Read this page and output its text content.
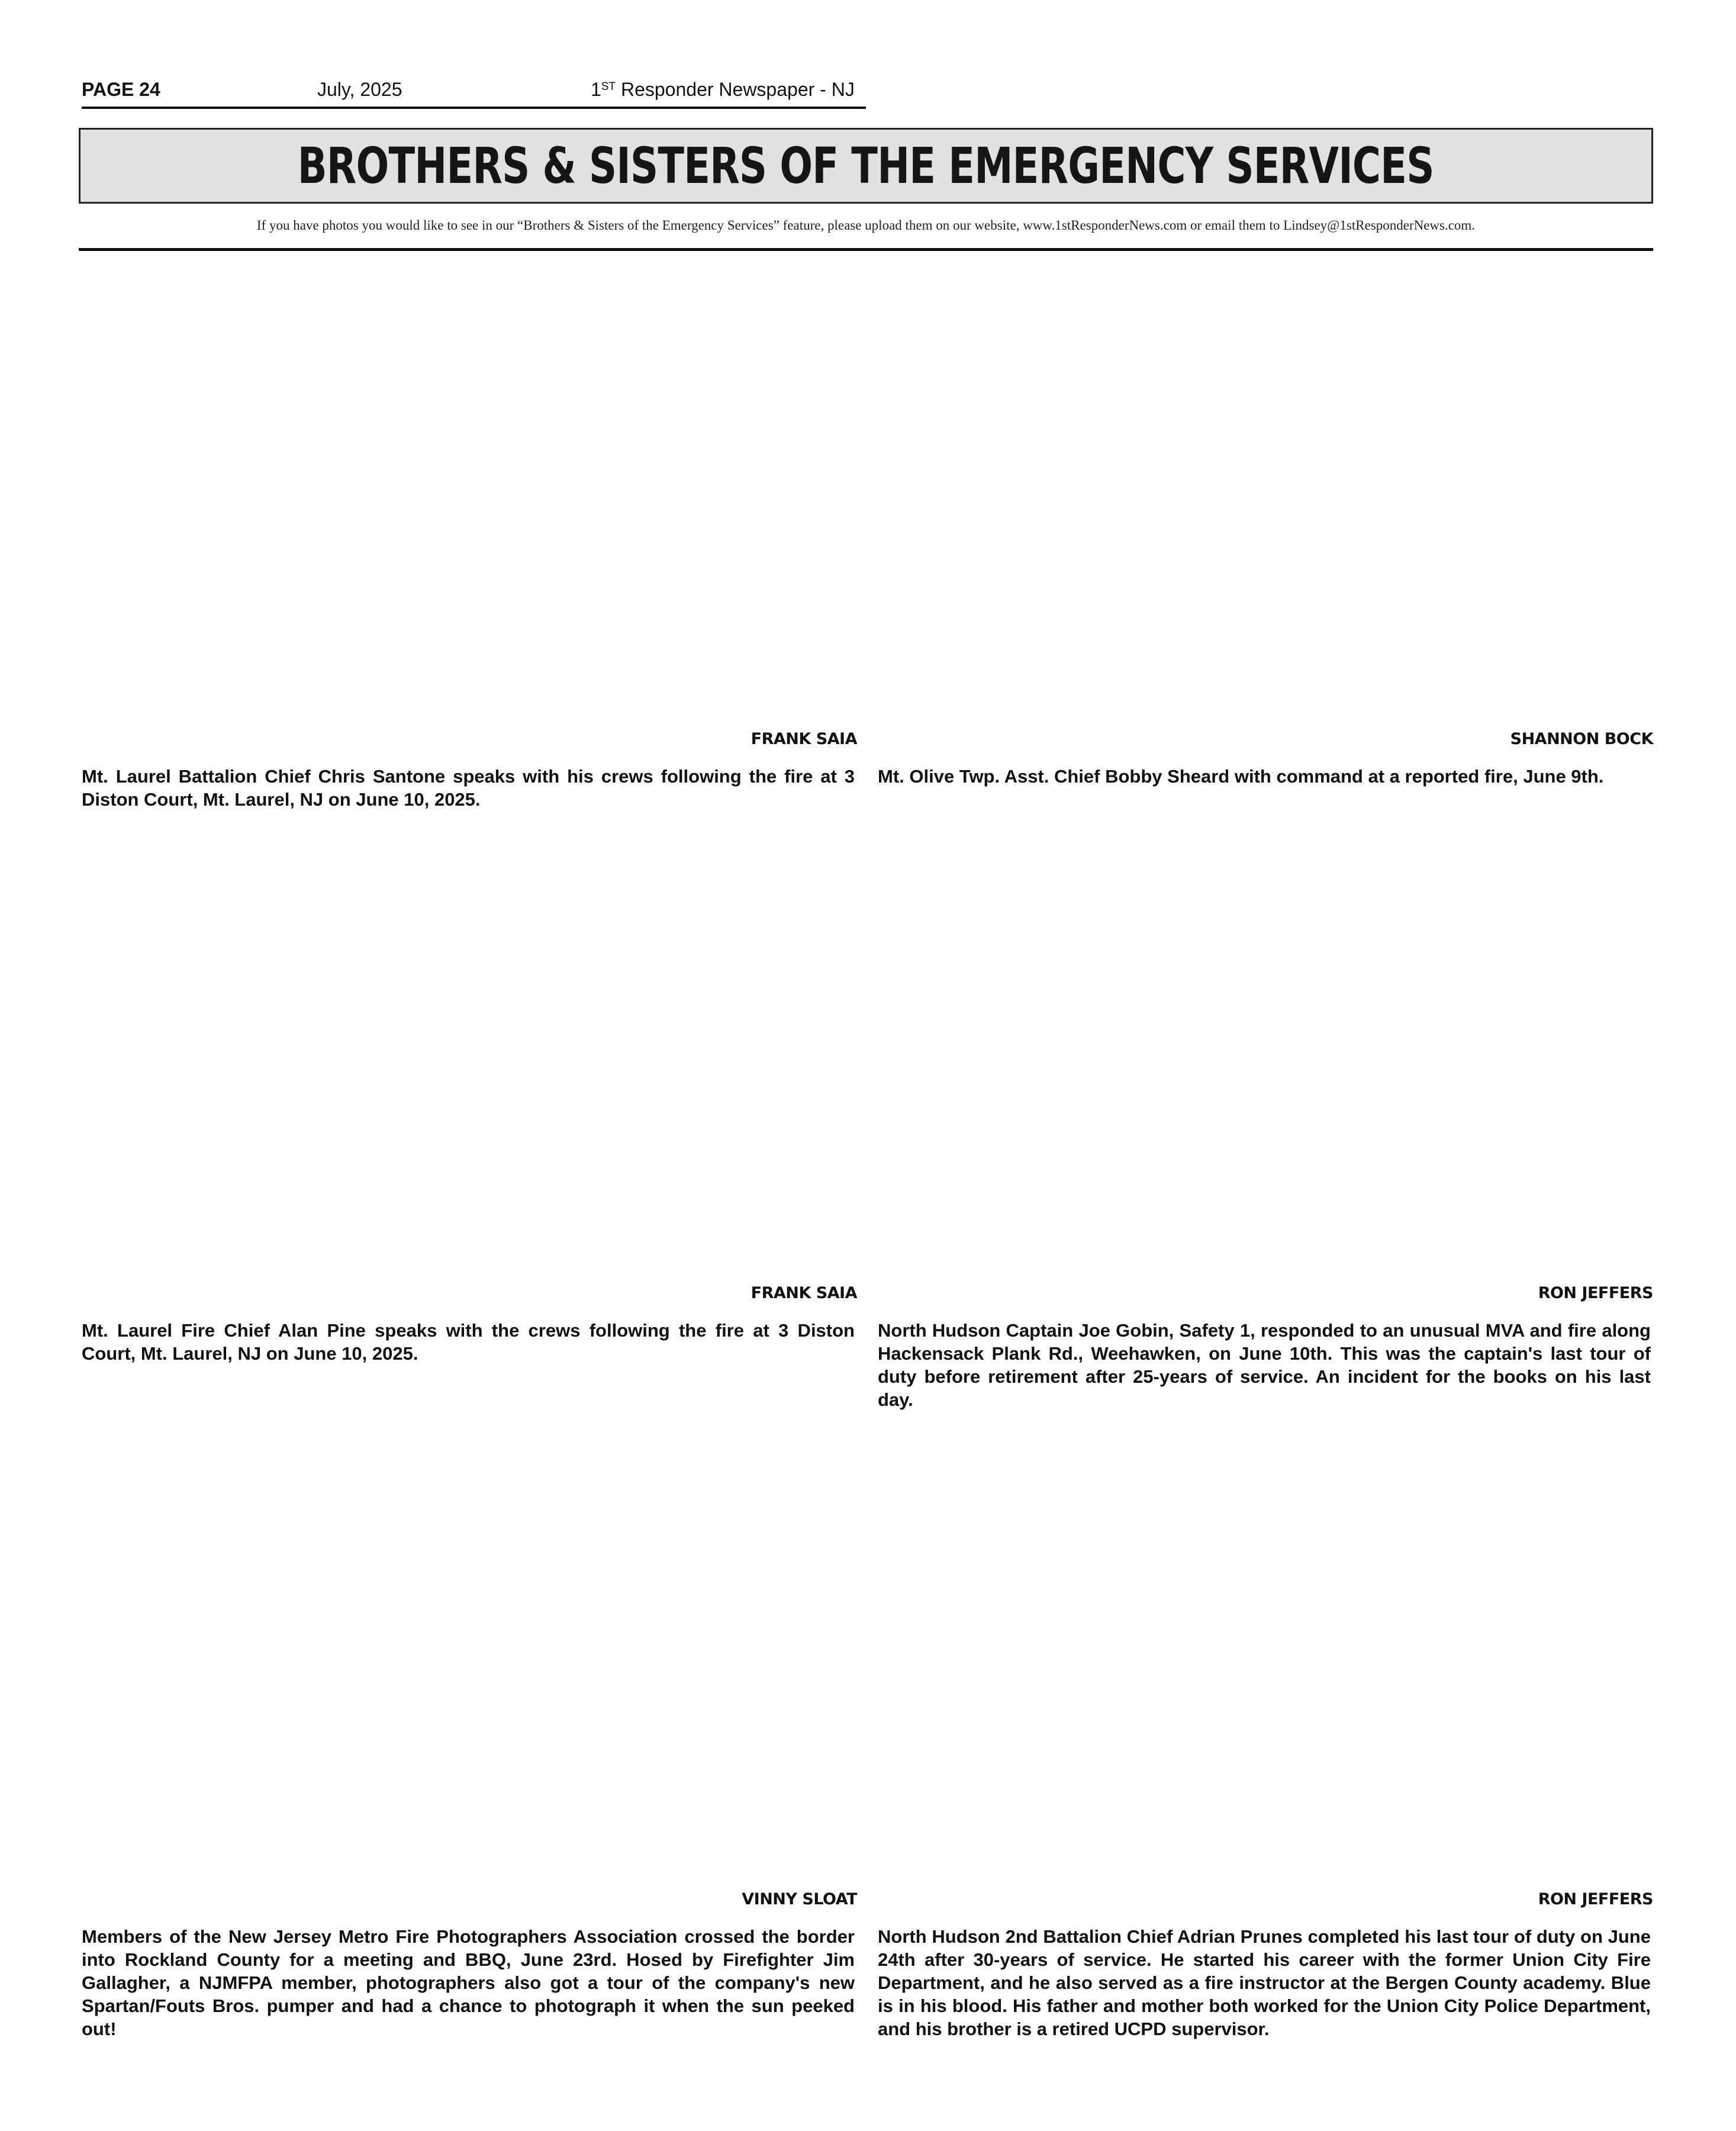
PAGE 24	July, 2025	1ST Responder Newspaper - NJ
BROTHERS & SISTERS OF THE EMERGENCY SERVICES
If you have photos you would like to see in our “Brothers & Sisters of the Emergency Services” feature, please upload them on our website, www.1stResponderNews.com or email them to Lindsey@1stResponderNews.com.
FRANK SAIA
Mt. Laurel Battalion Chief Chris Santone speaks with his crews following the fire at 3 Diston Court, Mt. Laurel, NJ on June 10, 2025.
SHANNON BOCK
Mt. Olive Twp. Asst. Chief Bobby Sheard with command at a reported fire, June 9th.
FRANK SAIA
Mt. Laurel Fire Chief Alan Pine speaks with the crews following the fire at 3 Diston Court, Mt. Laurel, NJ on June 10, 2025.
RON JEFFERS
North Hudson Captain Joe Gobin, Safety 1, responded to an unusual MVA and fire along Hackensack Plank Rd., Weehawken, on June 10th. This was the captain's last tour of duty before retirement after 25-years of service. An incident for the books on his last day.
VINNY SLOAT
Members of the New Jersey Metro Fire Photographers Association crossed the border into Rockland County for a meeting and BBQ, June 23rd. Hosed by Firefighter Jim Gallagher, a NJMFPA member, photographers also got a tour of the company's new Spartan/Fouts Bros. pumper and had a chance to photograph it when the sun peeked out!
RON JEFFERS
North Hudson 2nd Battalion Chief Adrian Prunes completed his last tour of duty on June 24th after 30-years of service. He started his career with the former Union City Fire Department, and he also served as a fire instructor at the Bergen County academy. Blue is in his blood. His father and mother both worked for the Union City Police Department, and his brother is a retired UCPD supervisor.
